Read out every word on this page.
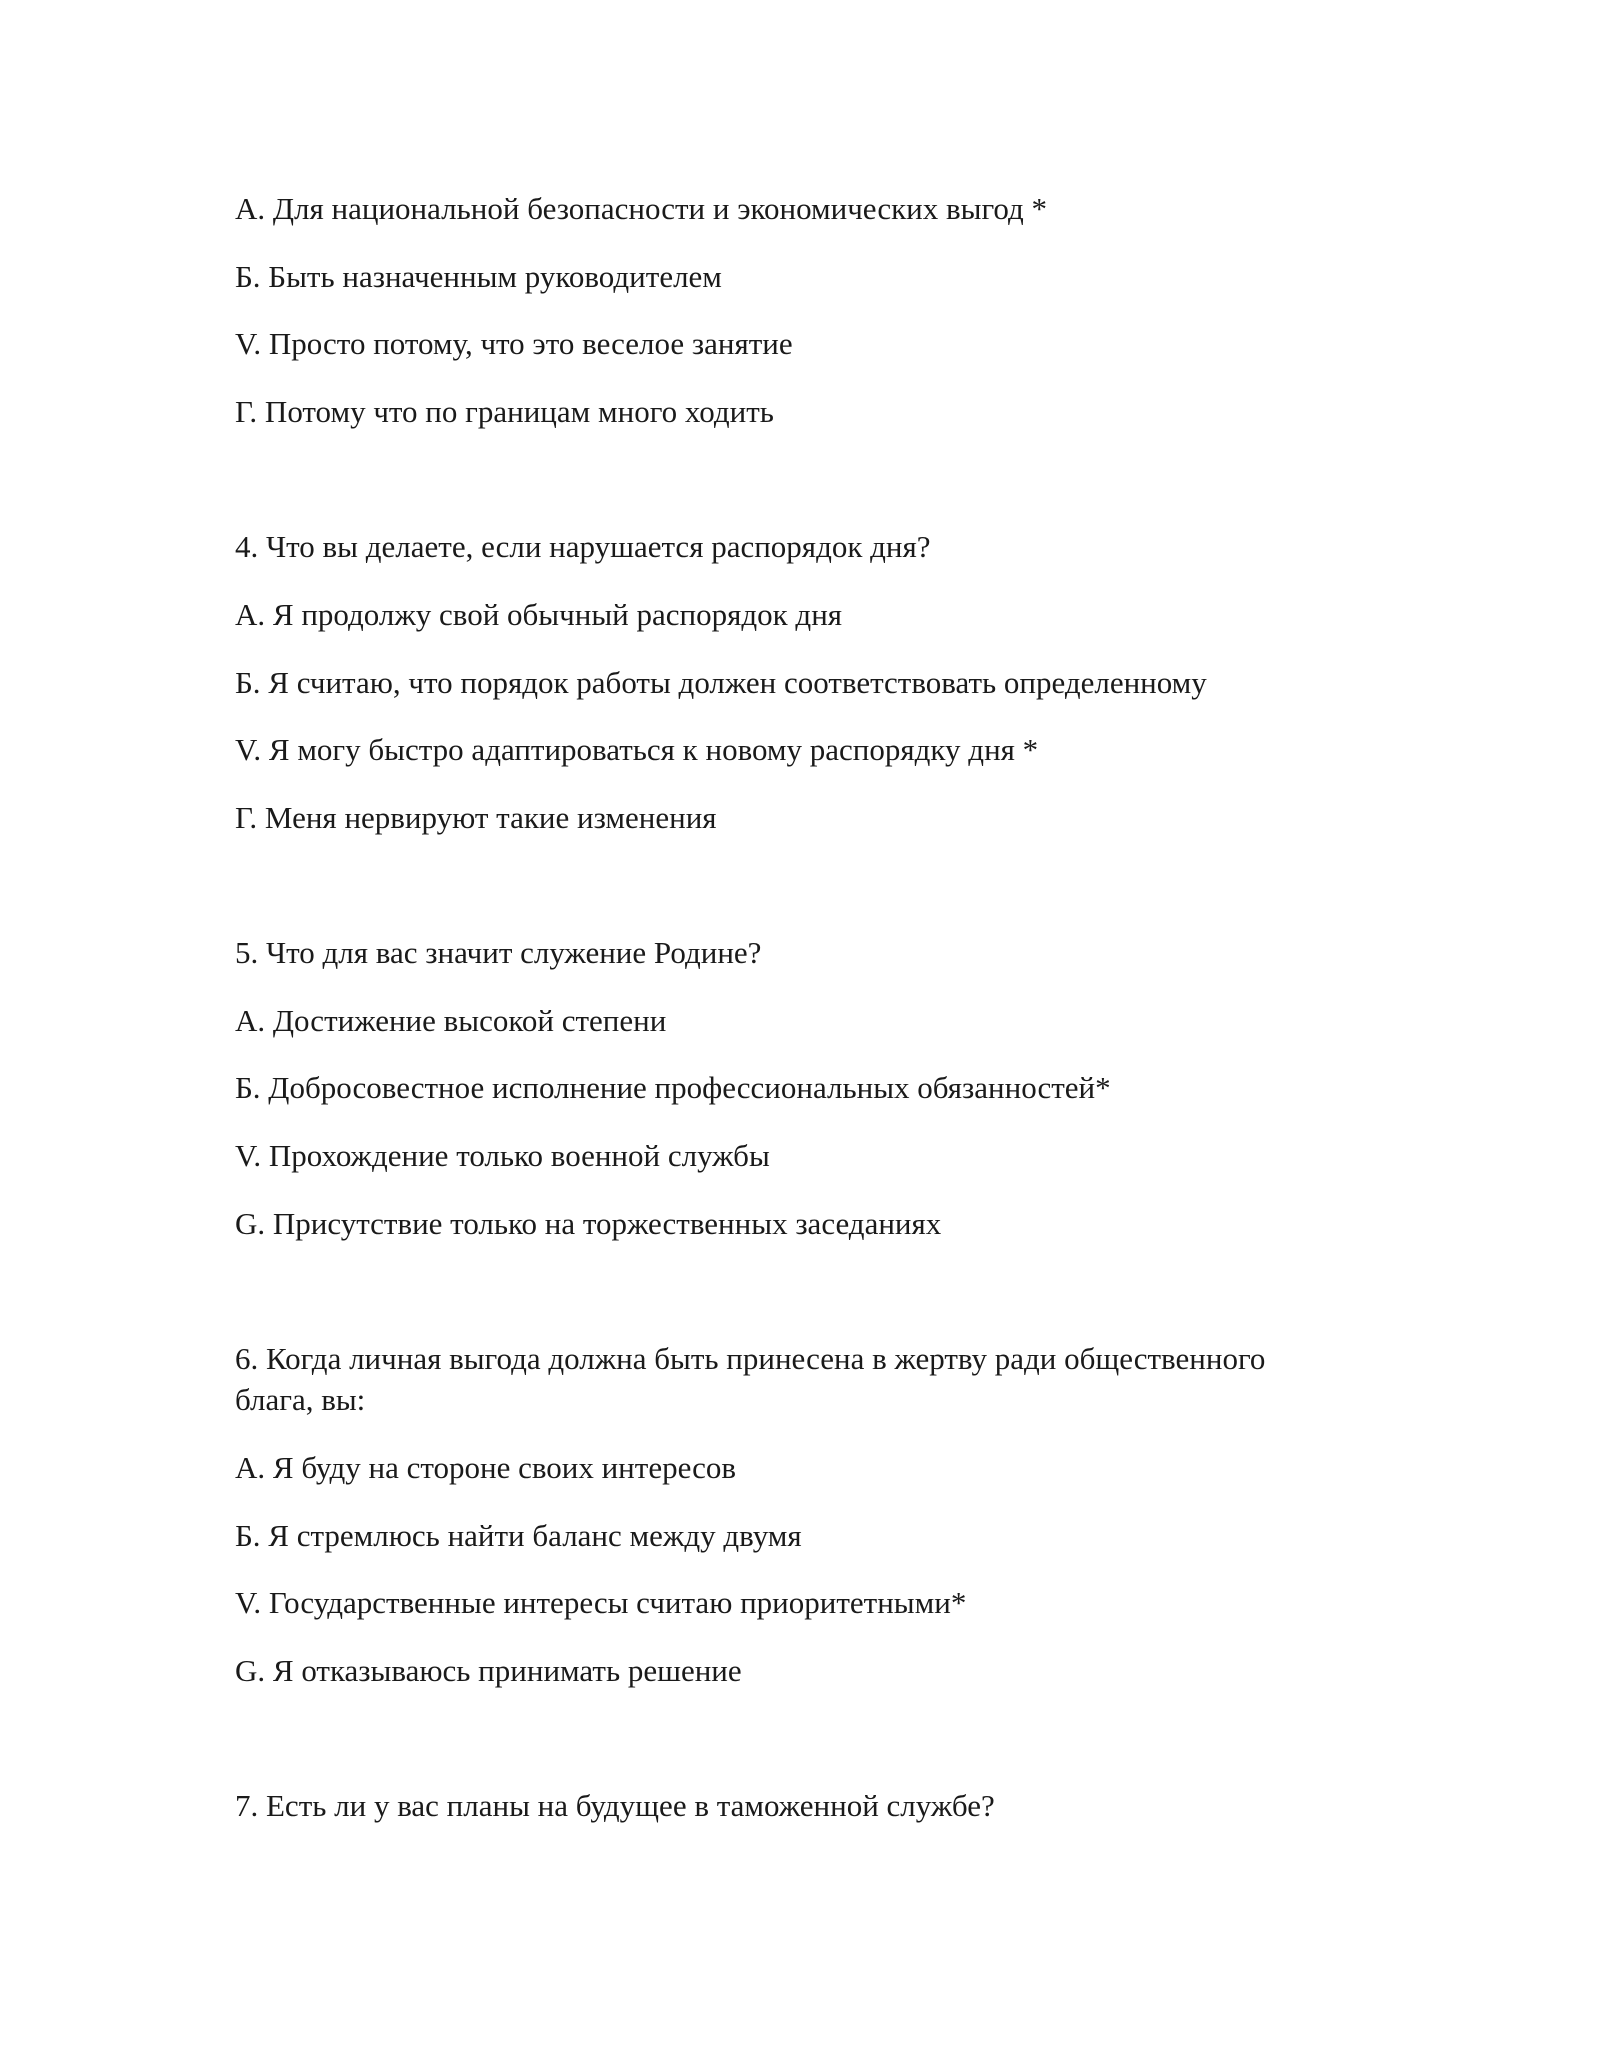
А. Для национальной безопасности и экономических выгод *
Б. Быть назначенным руководителем
V. Просто потому, что это веселое занятие
Г. Потому что по границам много ходить
4. Что вы делаете, если нарушается распорядок дня?
А. Я продолжу свой обычный распорядок дня
Б. Я считаю, что порядок работы должен соответствовать определенному
V. Я могу быстро адаптироваться к новому распорядку дня *
Г. Меня нервируют такие изменения
5. Что для вас значит служение Родине?
А. Достижение высокой степени
Б. Добросовестное исполнение профессиональных обязанностей*
V. Прохождение только военной службы
G. Присутствие только на торжественных заседаниях
6. Когда личная выгода должна быть принесена в жертву ради общественного
блага, вы:
А. Я буду на стороне своих интересов
Б. Я стремлюсь найти баланс между двумя
V. Государственные интересы считаю приоритетными*
G. Я отказываюсь принимать решение
7. Есть ли у вас планы на будущее в таможенной службе?
